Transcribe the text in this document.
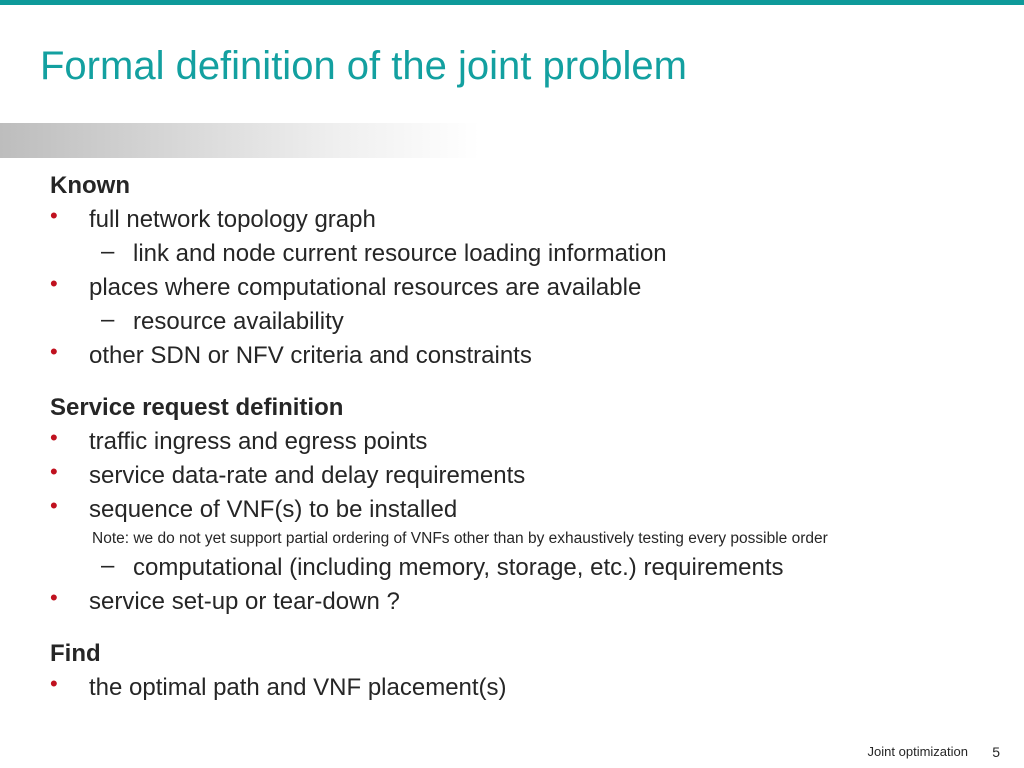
Formal definition of the joint problem
Known
• full network topology graph
– link and node current resource loading information
• places where computational resources are available
– resource availability
• other SDN or NFV criteria and constraints
Service request definition
• traffic ingress and egress points
• service data-rate and delay requirements
• sequence of VNF(s) to be installed
Note: we do not yet support partial ordering of VNFs other than by exhaustively testing every possible order
– computational (including memory, storage, etc.) requirements
• service set-up or tear-down ?
Find
• the optimal path and VNF placement(s)
Joint optimization 5
